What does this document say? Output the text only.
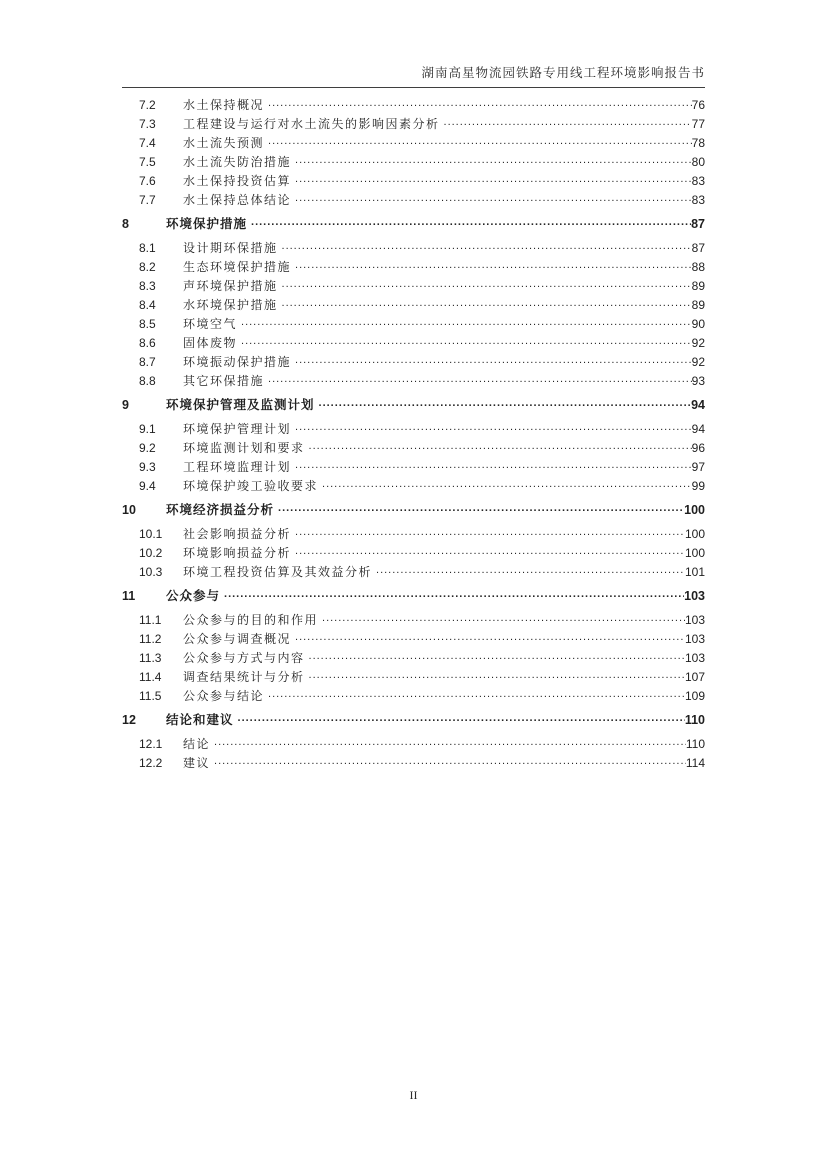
湖南高星物流园铁路专用线工程环境影响报告书
7.2	水土保持概况 .....	76
7.3	工程建设与运行对水土流失的影响因素分析 .....	77
7.4	水土流失预测 .....	78
7.5	水土流失防治措施 .....	80
7.6	水土保持投资估算 .....	83
7.7	水土保持总体结论 .....	83
8	环境保护措施 .....	87
8.1	设计期环保措施 .....	87
8.2	生态环境保护措施 .....	88
8.3	声环境保护措施 .....	89
8.4	水环境保护措施 .....	89
8.5	环境空气 .....	90
8.6	固体废物 .....	92
8.7	环境振动保护措施 .....	92
8.8	其它环保措施 .....	93
9	环境保护管理及监测计划 .....	94
9.1	环境保护管理计划 .....	94
9.2	环境监测计划和要求 .....	96
9.3	工程环境监理计划 .....	97
9.4	环境保护竣工验收要求 .....	99
10	环境经济损益分析 .....	100
10.1	社会影响损益分析 .....	100
10.2	环境影响损益分析 .....	100
10.3	环境工程投资估算及其效益分析 .....	101
11	公众参与 .....	103
11.1	公众参与的目的和作用 .....	103
11.2	公众参与调查概况 .....	103
11.3	公众参与方式与内容 .....	103
11.4	调查结果统计与分析 .....	107
11.5	公众参与结论 .....	109
12	结论和建议 .....	110
12.1	结论 .....	110
12.2	建议 .....	114
II
